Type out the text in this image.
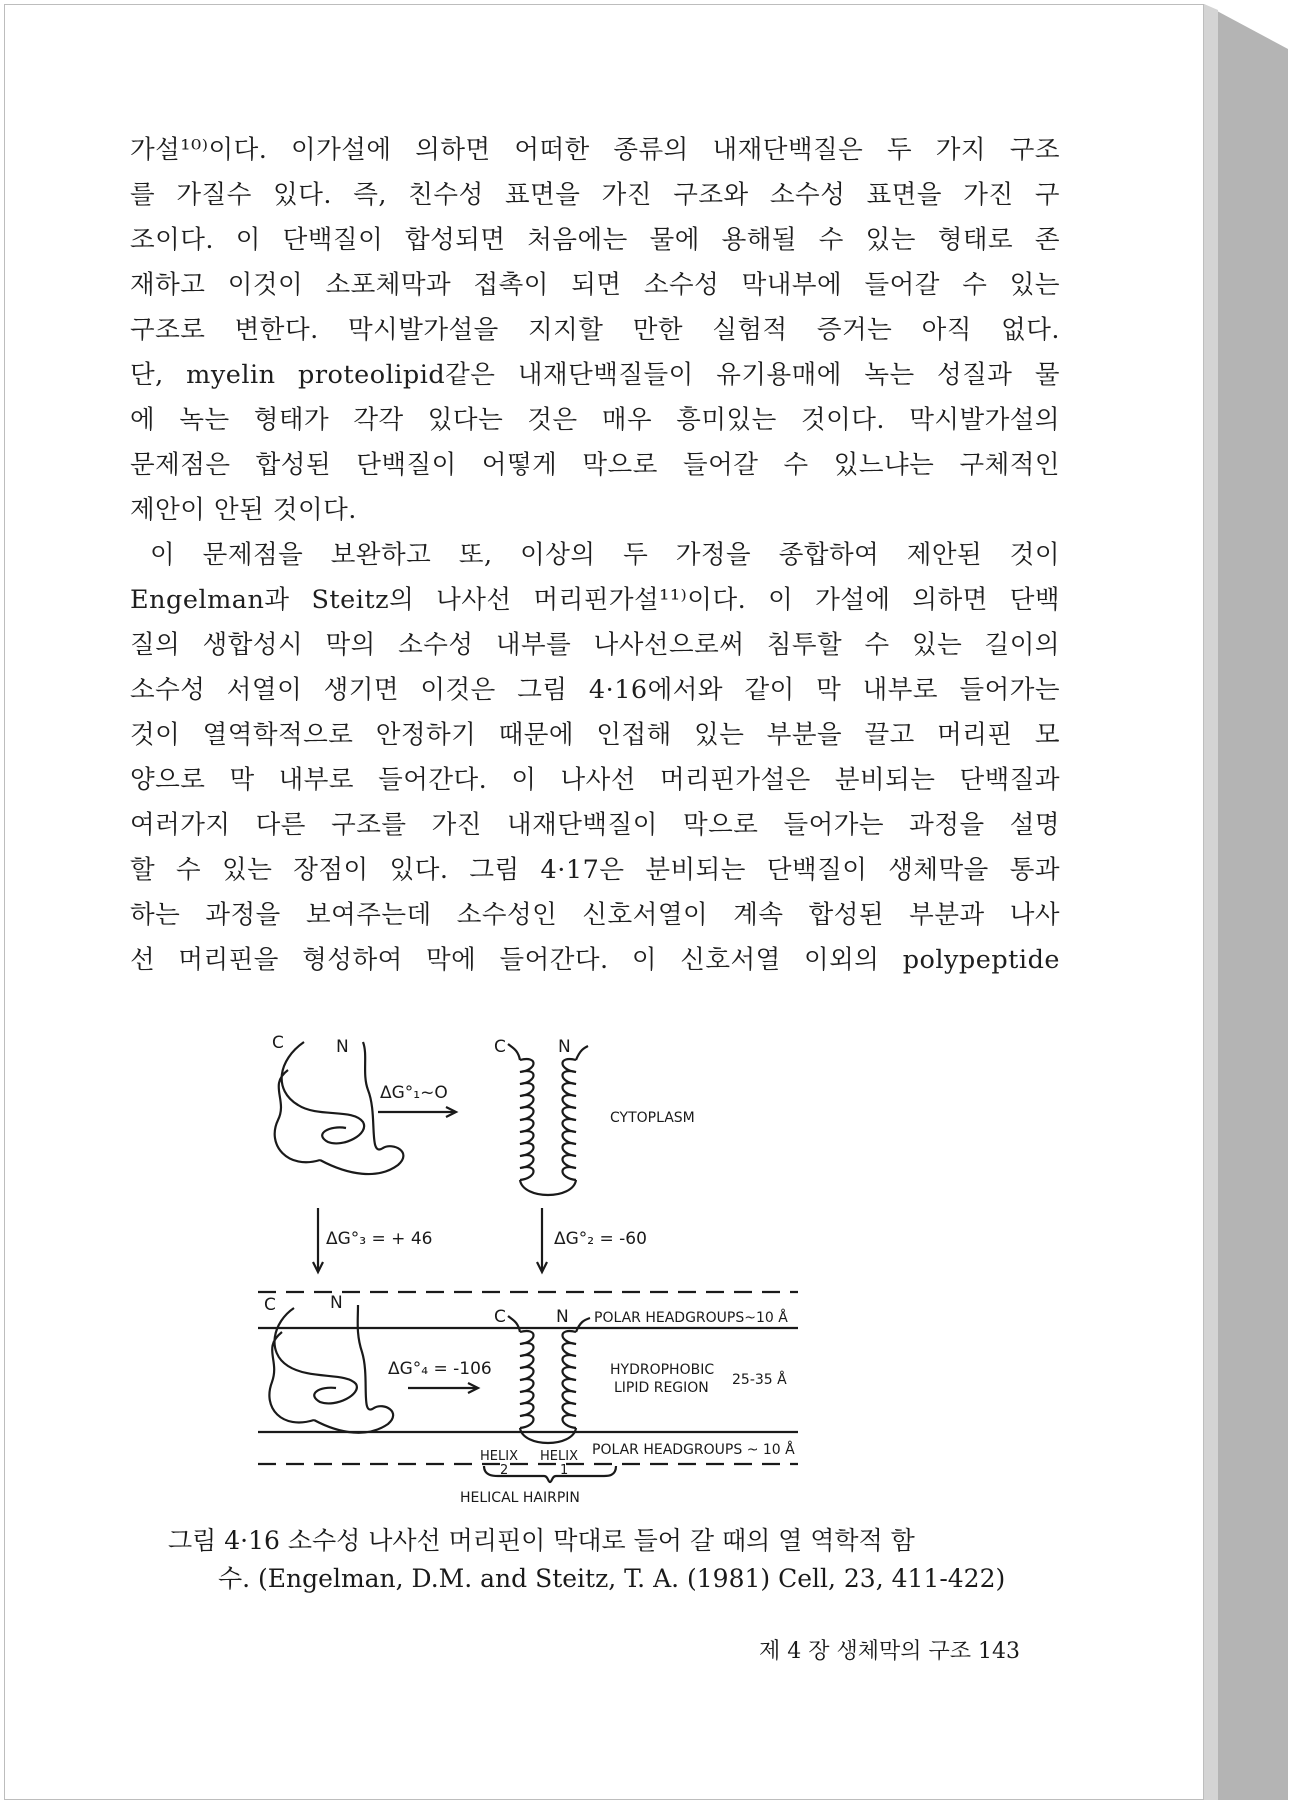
가설¹⁰⁾이다. 이가설에 의하면 어떠한 종류의 내재단백질은 두 가지 구조
를 가질수 있다. 즉, 친수성 표면을 가진 구조와 소수성 표면을 가진 구
조이다. 이 단백질이 합성되면 처음에는 물에 용해될 수 있는 형태로 존
재하고 이것이 소포체막과 접촉이 되면 소수성 막내부에 들어갈 수 있는
구조로 변한다. 막시발가설을 지지할 만한 실험적 증거는 아직 없다.
단, myelin proteolipid같은 내재단백질들이 유기용매에 녹는 성질과 물
에 녹는 형태가 각각 있다는 것은 매우 흥미있는 것이다. 막시발가설의
문제점은 합성된 단백질이 어떻게 막으로 들어갈 수 있느냐는 구체적인
제안이 안된 것이다.
이 문제점을 보완하고 또, 이상의 두 가정을 종합하여 제안된 것이
Engelman과 Steitz의 나사선 머리핀가설¹¹⁾이다. 이 가설에 의하면 단백
질의 생합성시 막의 소수성 내부를 나사선으로써 침투할 수 있는 길이의
소수성 서열이 생기면 이것은 그림 4·16에서와 같이 막 내부로 들어가는
것이 열역학적으로 안정하기 때문에 인접해 있는 부분을 끌고 머리핀 모
양으로 막 내부로 들어간다. 이 나사선 머리핀가설은 분비되는 단백질과
여러가지 다른 구조를 가진 내재단백질이 막으로 들어가는 과정을 설명
할 수 있는 장점이 있다. 그림 4·17은 분비되는 단백질이 생체막을 통과
하는 과정을 보여주는데 소수성인 신호서열이 계속 합성된 부분과 나사
선 머리핀을 형성하여 막에 들어간다. 이 신호서열 이외의 polypeptide
C	N	C	N
ΔG°₁~O
CYTOPLASM
ΔG°₃ = + 46	ΔG°₂ = -60
C	N
C	N POLAR HEADGROUPS~10 Å
ΔG°₄ = -106	HYDROPHOBIC
LIPID REGION 25-35 Å
POLAR HEADGROUPS ~ 10 Å
HELIX
2
HELIX
1
HELICAL HAIRPIN
그림 4·16 소수성 나사선 머리핀이 막대로 들어 갈 때의 열 역학적 함
수. (Engelman, D.M. and Steitz, T. A. (1981) Cell, 23, 411-422)
제 4 장 생체막의 구조 143
